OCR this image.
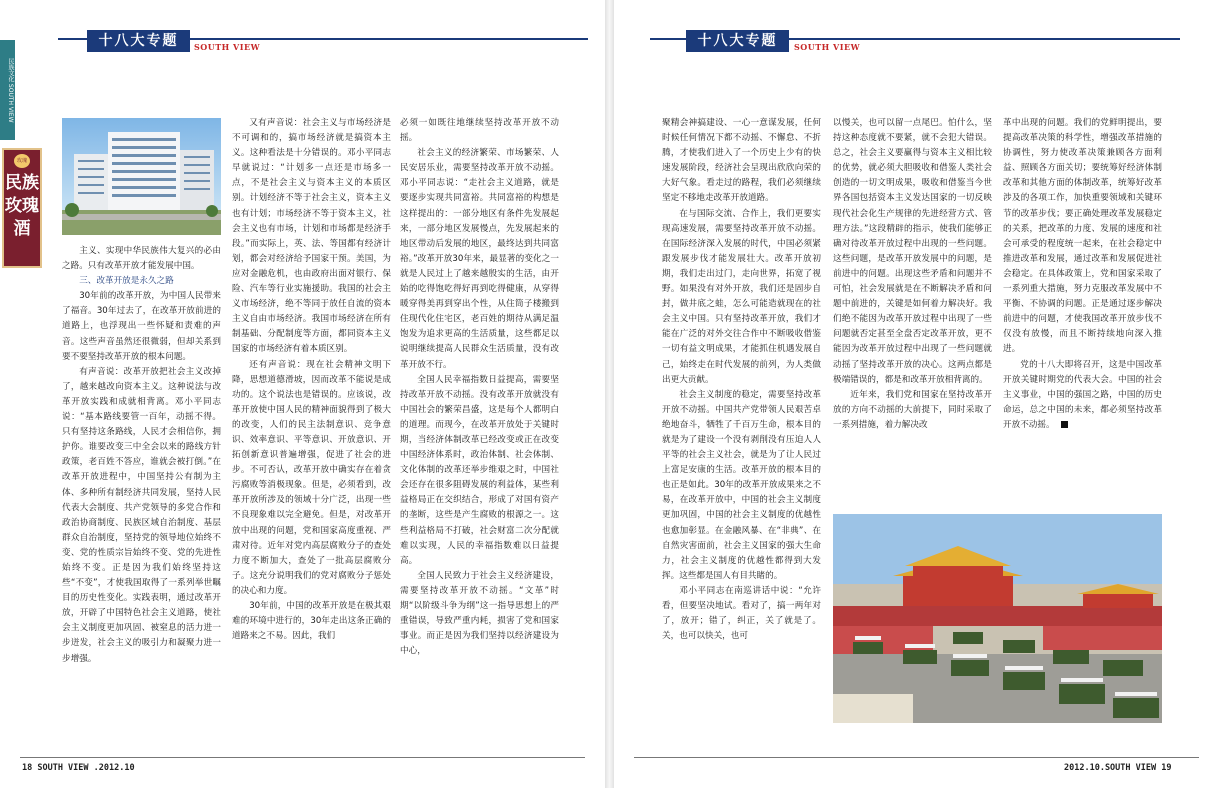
十八大专题	SOUTH VIEW
民族文化 SOUTH VIEW
玫瑰
民族玫瑰酒

主义、实现中华民族伟大复兴的必由之路。只有改革开放才能发展中国。

三、改革开放是永久之路

30年前的改革开放，为中国人民带来了福音。30年过去了，在改革开放前进的道路上，也浮现出一些怀疑和责难的声音。这些声音虽然还很微弱，但却关系到要不要坚持改革开放的根本问题。

有声音说：改革开放把社会主义改掉了，越来越改向资本主义。这种说法与改革开放实践和成就相背离。邓小平同志说：“基本路线要管一百年，动摇不得。只有坚持这条路线，人民才会相信你，拥护你。谁要改变三中全会以来的路线方针政策，老百姓不答应，谁就会被打倒。”在改革开放进程中，中国坚持公有制为主体、多种所有制经济共同发展，坚持人民代表大会制度、共产党领导的多党合作和政治协商制度、民族区域自治制度、基层群众自治制度，坚持党的领导地位始终不变、党的性质宗旨始终不变、党的先进性始终不变。正是因为我们始终坚持这些“不变”，才使我国取得了一系列举世瞩目的历史性变化。实践表明，通过改革开放，开辟了中国特色社会主义道路，使社会主义制度更加巩固、被窒息的活力进一步迸发，社会主义的吸引力和凝聚力进一步增强。

又有声音说：社会主义与市场经济是不可调和的，搞市场经济就是搞资本主义。这种看法是十分错误的。邓小平同志早就说过：“计划多一点还是市场多一点，不是社会主义与资本主义的本质区别。计划经济不等于社会主义，资本主义也有计划；市场经济不等于资本主义，社会主义也有市场，计划和市场都是经济手段。”而实际上，英、法、等国都有经济计划，都会对经济给予国家干预。美国，为应对金融危机，也由政府出面对银行、保险、汽车等行业实施援助。我国的社会主义市场经济，绝不等同于放任自流的资本主义自由市场经济。我国市场经济在所有制基础、分配制度等方面，都同资本主义国家的市场经济有着本质区别。

还有声音说：现在社会精神文明下降，思想道德滑坡，因而改革不能说是成功的。这个说法也是错误的。应该说，改革开放使中国人民的精神面貌得到了极大的改变，人们的民主法制意识、竞争意识、效率意识、平等意识、开放意识、开拓创新意识普遍增强，促进了社会的进步。不可否认，改革开放中确实存在着贪污腐败等消极现象。但是，必须看到，改革开放所涉及的领域十分广泛，出现一些不良现象难以完全避免。但是，对改革开放中出现的问题，党和国家高度重视、严肃对待。近年对党内高层腐败分子的查处力度不断加大，查处了一批高层腐败分子。这充分说明我们的党对腐败分子惩处的决心和力度。

30年前，中国的改革开放是在极其艰难的环境中进行的，30年走出这条正确的道路来之不易。因此，我们

必须一如既往地继续坚持改革开放不动摇。

社会主义的经济繁荣、市场繁荣、人民安居乐业，需要坚持改革开放不动摇。邓小平同志说：“走社会主义道路，就是要逐步实现共同富裕。共同富裕的构想是这样提出的：一部分地区有条件先发展起来，一部分地区发展慢点，先发展起来的地区带动后发展的地区，最终达到共同富裕。”改革开放30年来，最显著的变化之一就是人民过上了越来越殷实的生活，由开始的吃得饱吃得好再到吃得健康，从穿得暖穿得美再到穿出个性，从住筒子楼搬到住现代化住宅区，老百姓的期待从满足温饱发为追求更高的生活质量，这些都足以说明继续提高人民群众生活质量，没有改革开放不行。

全国人民幸福指数日益提高，需要坚持改革开放不动摇。没有改革开放就没有中国社会的繁荣昌盛，这是每个人都明白的道理。而现今，在改革开放处于关键时期，当经济体制改革已经改变或正在改变中国经济体系时，政治体制、社会体制、文化体制的改革还举步维艰之时，中国社会还存在很多阻碍发展的利益体，某些利益格局正在交织结合，形成了对国有资产的垄断，这些是产生腐败的根源之一。这些利益格局不打破，社会财富二次分配就难以实现，人民的幸福指数难以日益提高。

全国人民致力于社会主义经济建设，需要坚持改革开放不动摇。“文革”时期“以阶级斗争为纲”这一指导思想上的严重错误，导致严重内耗，损害了党和国家事业。而正是因为我们坚持以经济建设为中心，

18 SOUTH VIEW .2012.10
十八大专题	SOUTH VIEW

聚精会神搞建设、一心一意谋发展，任何时候任何情况下都不动摇、不懈怠、不折腾，才使我们进入了一个历史上少有的快速发展阶段，经济社会呈现出欣欣向荣的大好气象。看走过的路程，我们必须继续坚定不移地走改革开放道路。

在与国际交流、合作上，我们更要实现高速发展，需要坚持改革开放不动摇。在国际经济深入发展的时代，中国必须紧跟发展步伐才能发展壮大。改革开放初期，我们走出过门，走向世界，拓宽了视野。如果没有对外开放，我们还是固步自封，做井底之蛙，怎么可能造就现在的社会主义中国。只有坚持改革开放，我们才能在广泛的对外交往合作中不断吸收借鉴一切有益文明成果，才能抓住机遇发展自己，始终走在时代发展的前列，为人类做出更大贡献。

社会主义制度的稳定，需要坚持改革开放不动摇。中国共产党带领人民艰苦卓绝地奋斗，牺牲了千百万生命，根本目的就是为了建设一个没有剥削没有压迫人人平等的社会主义社会，就是为了让人民过上富足安康的生活。改革开放的根本目的也正是如此。30年的改革开放成果来之不易，在改革开放中，中国的社会主义制度更加巩固，中国的社会主义制度的优越性也愈加彰显。在金融风暴、在“非典”、在自然灾害面前，社会主义国家的强大生命力，社会主义制度的优越性都得到大发挥。这些都是国人有目共睹的。

邓小平同志在南巡讲话中说：“允许看，但要坚决地试。看对了，搞一两年对了，放开；错了，纠正，关了就是了。关，也可以快关，也可

以慢关，也可以留一点尾巴。怕什么，坚持这种态度就不要紧，就不会犯大错误。总之，社会主义要赢得与资本主义相比较的优势，就必须大胆吸收和借鉴人类社会创造的一切文明成果，吸收和借鉴当今世界各国包括资本主义发达国家的一切反映现代社会化生产规律的先进经营方式、管理方法。”这段精辟的指示，使我们能够正确对待改革开放过程中出现的一些问题。这些问题，是改革开放发展中的问题，是前进中的问题。出现这些矛盾和问题并不可怕，社会发展就是在不断解决矛盾和问题中前进的，关键是如何着力解决好。我们绝不能因为改革开放过程中出现了一些问题就否定甚至全盘否定改革开放，更不能因为改革开放过程中出现了一些问题就动摇了坚持改革开放的决心。这两点都是极端错误的，都是和改革开放相背离的。

近年来，我们党和国家在坚持改革开放的方向不动摇的大前提下，同时采取了一系列措施，着力解决改

革中出现的问题。我们的党鲜明提出，要提高改革决策的科学性，增强改革措施的协调性，努力使改革决策兼顾各方面利益、照顾各方面关切；要统筹好经济体制改革和其他方面的体制改革，统筹好改革涉及的各项工作，加快重要领域和关键环节的改革步伐；要正确处理改革发展稳定的关系，把改革的力度、发展的速度和社会可承受的程度统一起来，在社会稳定中推进改革和发展，通过改革和发展促进社会稳定。在具体政策上，党和国家采取了一系列重大措施，努力克服改革发展中不平衡、不协调的问题。正是通过逐步解决前进中的问题，才使我国改革开放步伐不仅没有放慢，而且不断持续地向深入推进。

党的十八大即将召开，这是中国改革开放关键时期党的代表大会。中国的社会主义事业，中国的强国之路，中国的历史命运，总之中国的未来，都必须坚持改革开放不动摇。

2012.10.SOUTH VIEW 19
